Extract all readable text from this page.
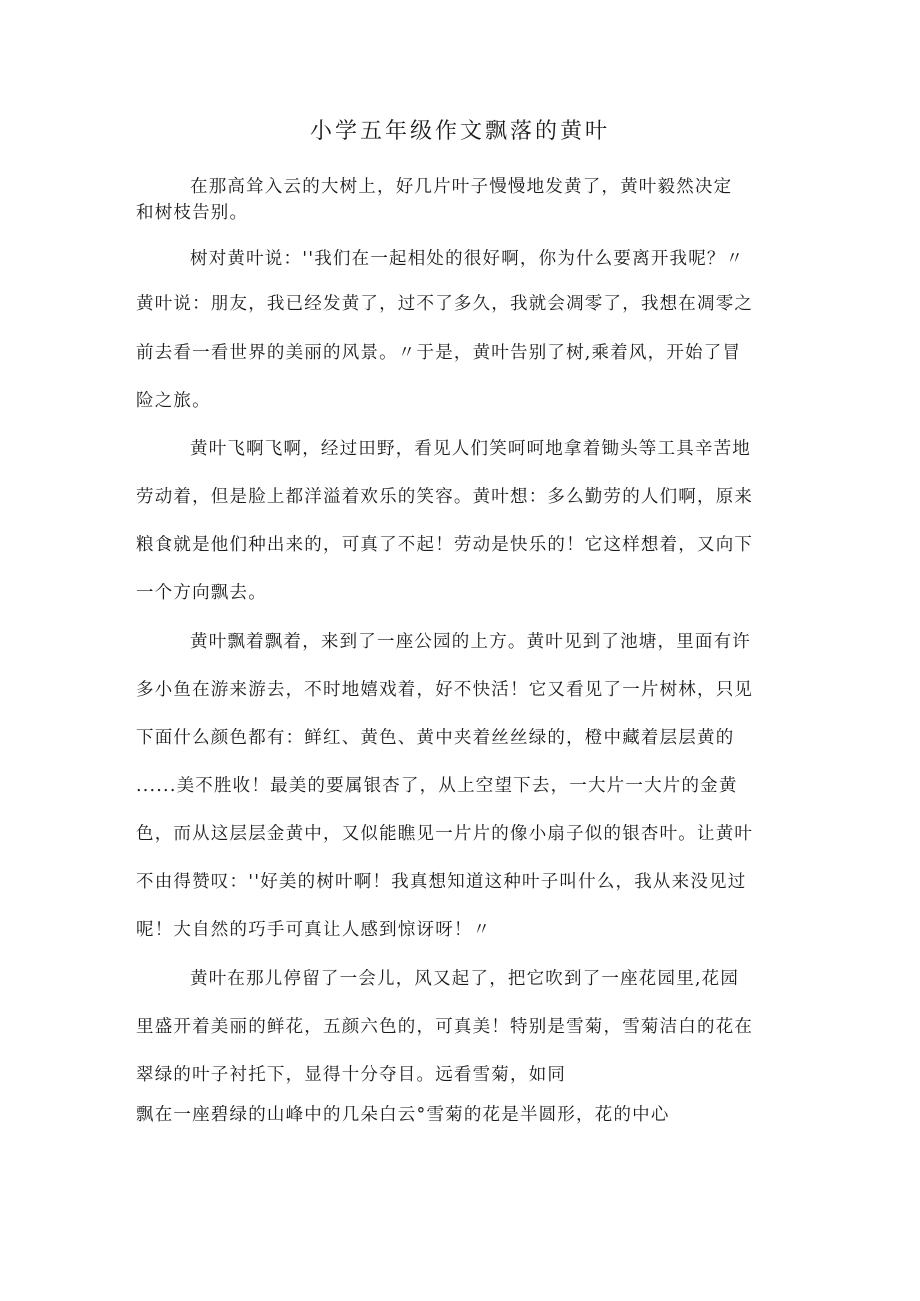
小学五年级作文飘落的黄叶
在那高耸入云的大树上，好几片叶子慢慢地发黄了，黄叶毅然决定
和树枝告别。
树对黄叶说：''我们在一起相处的很好啊，你为什么要离开我呢？〃
黄叶说：朋友，我已经发黄了，过不了多久，我就会凋零了，我想在凋零之
前去看一看世界的美丽的风景。〃于是，黄叶告别了树,乘着风，开始了冒
险之旅。
黄叶飞啊飞啊，经过田野，看见人们笑呵呵地拿着锄头等工具辛苦地
劳动着，但是脸上都洋溢着欢乐的笑容。黄叶想：多么勤劳的人们啊，原来
粮食就是他们种出来的，可真了不起！劳动是快乐的！它这样想着，又向下
一个方向飘去。
黄叶飘着飘着，来到了一座公园的上方。黄叶见到了池塘，里面有许
多小鱼在游来游去，不时地嬉戏着，好不快活！它又看见了一片树林，只见
下面什么颜色都有：鲜红、黄色、黄中夹着丝丝绿的，橙中藏着层层黄的
......美不胜收！最美的要属银杏了，从上空望下去，一大片一大片的金黄
色，而从这层层金黄中，又似能瞧见一片片的像小扇子似的银杏叶。让黄叶
不由得赞叹：''好美的树叶啊！我真想知道这种叶子叫什么，我从来没见过
呢！大自然的巧手可真让人感到惊讶呀！〃
黄叶在那儿停留了一会儿，风又起了，把它吹到了一座花园里,花园
里盛开着美丽的鲜花，五颜六色的，可真美！特别是雪菊，雪菊洁白的花在
翠绿的叶子衬托下，显得十分夺目。远看雪菊，如同
飘在一座碧绿的山峰中的几朵白云°雪菊的花是半圆形，花的中心
